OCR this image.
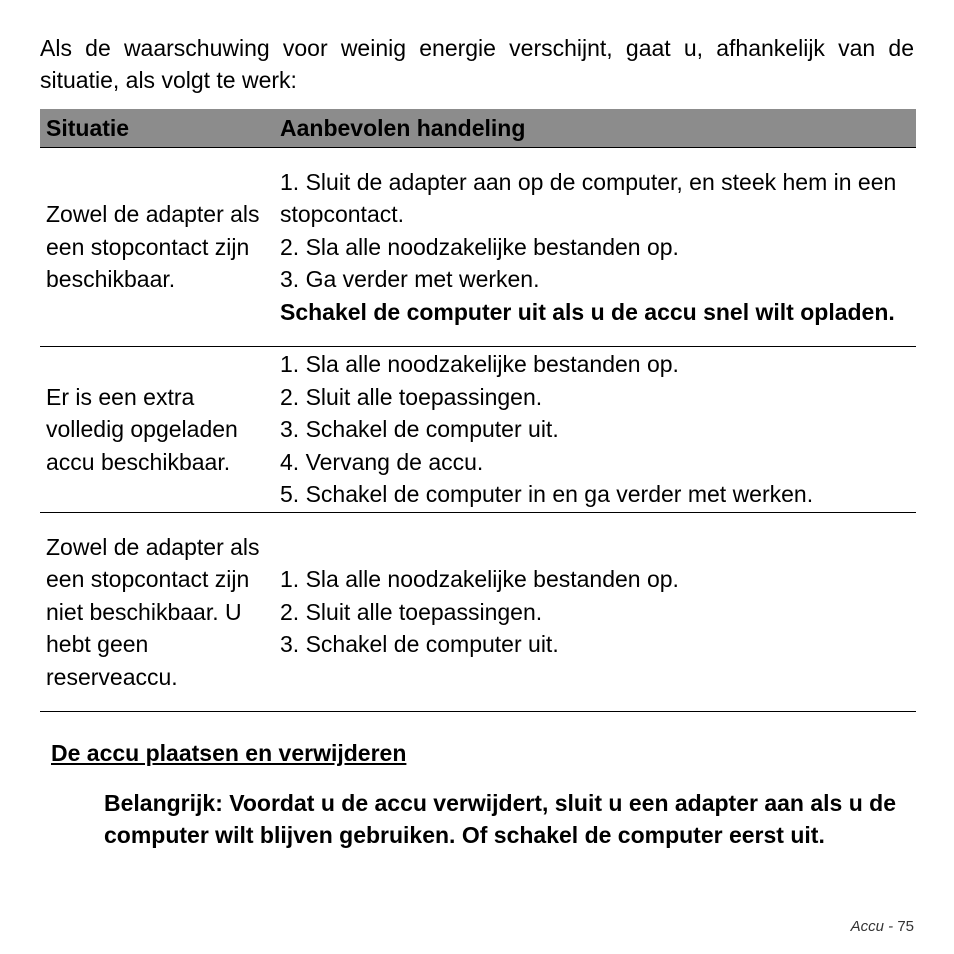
Als de waarschuwing voor weinig energie verschijnt, gaat u, afhankelijk van de situatie, als volgt te werk:

Situatie	Aanbevolen handeling

Zowel de adapter als een stopcontact zijn beschikbaar.	1. Sluit de adapter aan op de computer, en steek hem in een stopcontact.
2. Sla alle noodzakelijke bestanden op.
3. Ga verder met werken.
Schakel de computer uit als u de accu snel wilt opladen.

Er is een extra volledig opgeladen accu beschikbaar.	1. Sla alle noodzakelijke bestanden op.
2. Sluit alle toepassingen.
3. Schakel de computer uit.
4. Vervang de accu.
5. Schakel de computer in en ga verder met werken.

Zowel de adapter als een stopcontact zijn niet beschikbaar. U hebt geen reserveaccu.	1. Sla alle noodzakelijke bestanden op.
2. Sluit alle toepassingen.
3. Schakel de computer uit.
De accu plaatsen en verwijderen

Belangrijk: Voordat u de accu verwijdert, sluit u een adapter aan als u de computer wilt blijven gebruiken. Of schakel de computer eerst uit.

Accu - 75
